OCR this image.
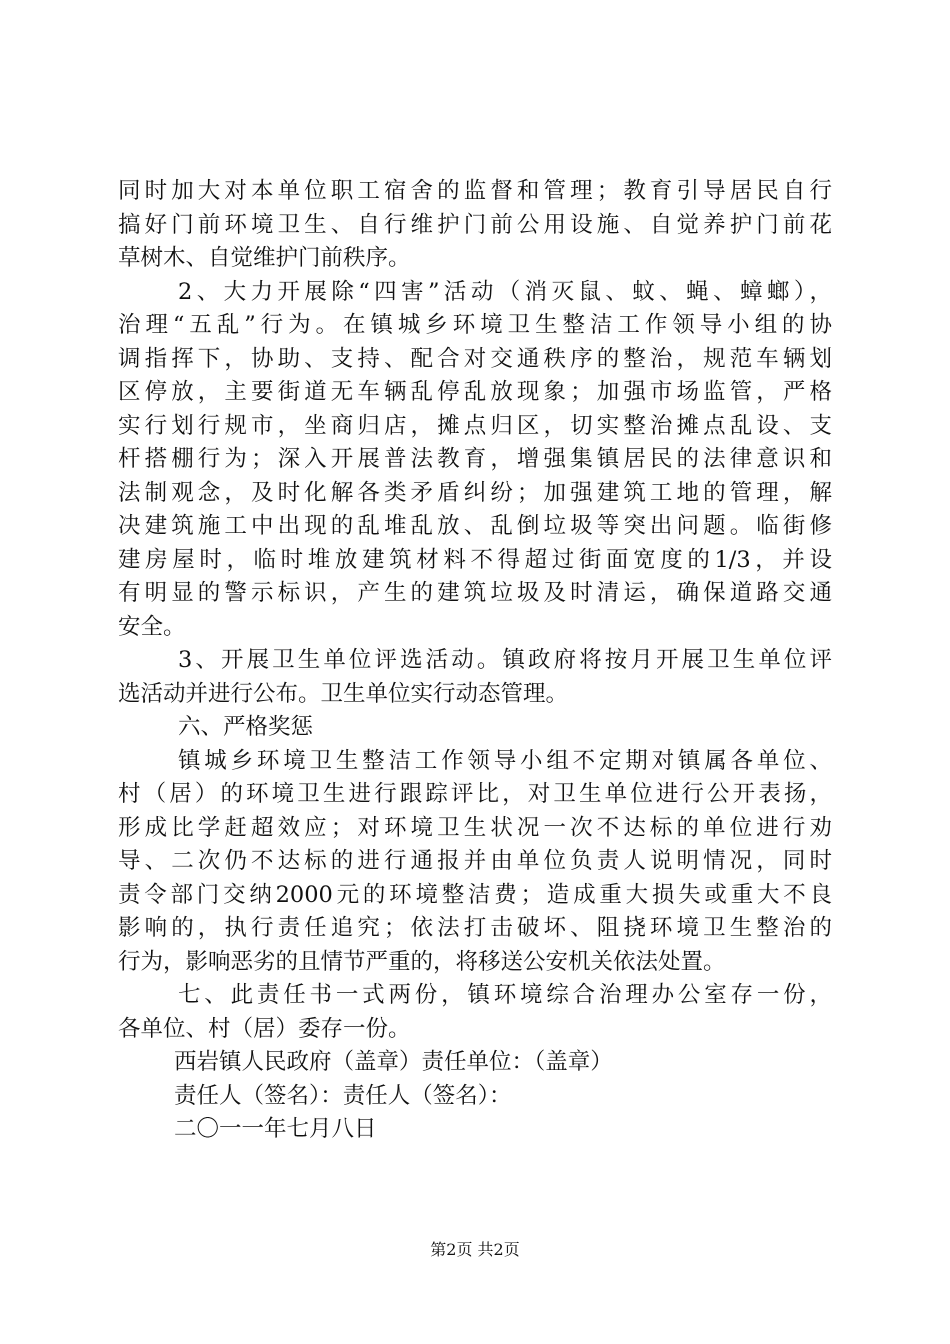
同时加大对本单位职工宿舍的监督和管理；教育引导居民自行
搞好门前环境卫生、自行维护门前公用设施、自觉养护门前花
草树木、自觉维护门前秩序。
2、大力开展除“四害”活动（消灭鼠、蚊、蝇、蟑螂），
治理“五乱”行为。在镇城乡环境卫生整洁工作领导小组的协
调指挥下，协助、支持、配合对交通秩序的整治，规范车辆划
区停放，主要街道无车辆乱停乱放现象；加强市场监管，严格
实行划行规市，坐商归店，摊点归区，切实整治摊点乱设、支
杆搭棚行为；深入开展普法教育，增强集镇居民的法律意识和
法制观念，及时化解各类矛盾纠纷；加强建筑工地的管理，解
决建筑施工中出现的乱堆乱放、乱倒垃圾等突出问题。临街修
建房屋时，临时堆放建筑材料不得超过街面宽度的1/3，并设
有明显的警示标识，产生的建筑垃圾及时清运，确保道路交通
安全。
3、开展卫生单位评选活动。镇政府将按月开展卫生单位评
选活动并进行公布。卫生单位实行动态管理。
六、严格奖惩
镇城乡环境卫生整洁工作领导小组不定期对镇属各单位、
村（居）的环境卫生进行跟踪评比，对卫生单位进行公开表扬，
形成比学赶超效应；对环境卫生状况一次不达标的单位进行劝
导、二次仍不达标的进行通报并由单位负责人说明情况，同时
责令部门交纳2000元的环境整洁费；造成重大损失或重大不良
影响的，执行责任追究；依法打击破坏、阻挠环境卫生整治的
行为，影响恶劣的且情节严重的，将移送公安机关依法处置。
七、此责任书一式两份，镇环境综合治理办公室存一份，
各单位、村（居）委存一份。
西岩镇人民政府（盖章）责任单位：（盖章）
责任人（签名）：责任人（签名）：
二〇一一年七月八日
第2页 共2页
